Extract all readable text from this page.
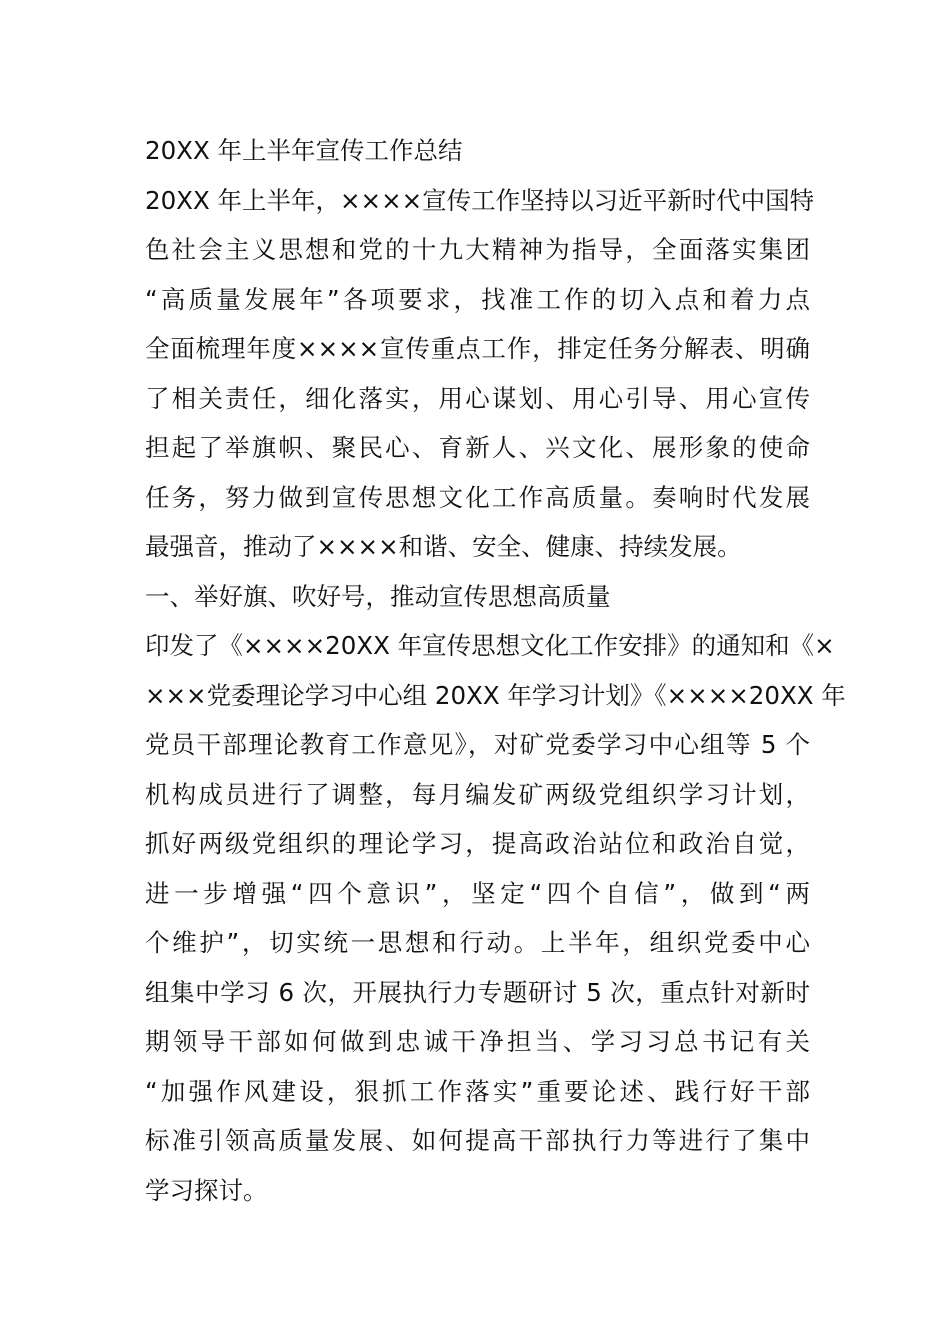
20XX 年上半年宣传工作总结
20XX 年上半年，××××宣传工作坚持以习近平新时代中国特
色社会主义思想和党的十九大精神为指导，全面落实集团
“高质量发展年”各项要求，找准工作的切入点和着力点
全面梳理年度××××宣传重点工作，排定任务分解表、明确
了相关责任，细化落实，用心谋划、用心引导、用心宣传
担起了举旗帜、聚民心、育新人、兴文化、展形象的使命
任务，努力做到宣传思想文化工作高质量。奏响时代发展
最强音，推动了××××和谐、安全、健康、持续发展。
一、举好旗、吹好号，推动宣传思想高质量
印发了《××××20XX 年宣传思想文化工作安排》的通知和《×
×××党委理论学习中心组 20XX 年学习计划》《××××20XX 年
党员干部理论教育工作意见》，对矿党委学习中心组等 5 个
机构成员进行了调整，每月编发矿两级党组织学习计划，
抓好两级党组织的理论学习，提高政治站位和政治自觉，
进一步增强“四个意识”，坚定“四个自信”，做到“两
个维护”，切实统一思想和行动。上半年，组织党委中心
组集中学习 6 次，开展执行力专题研讨 5 次，重点针对新时
期领导干部如何做到忠诚干净担当、学习习总书记有关
“加强作风建设，狠抓工作落实”重要论述、践行好干部
标准引领高质量发展、如何提高干部执行力等进行了集中
学习探讨。
